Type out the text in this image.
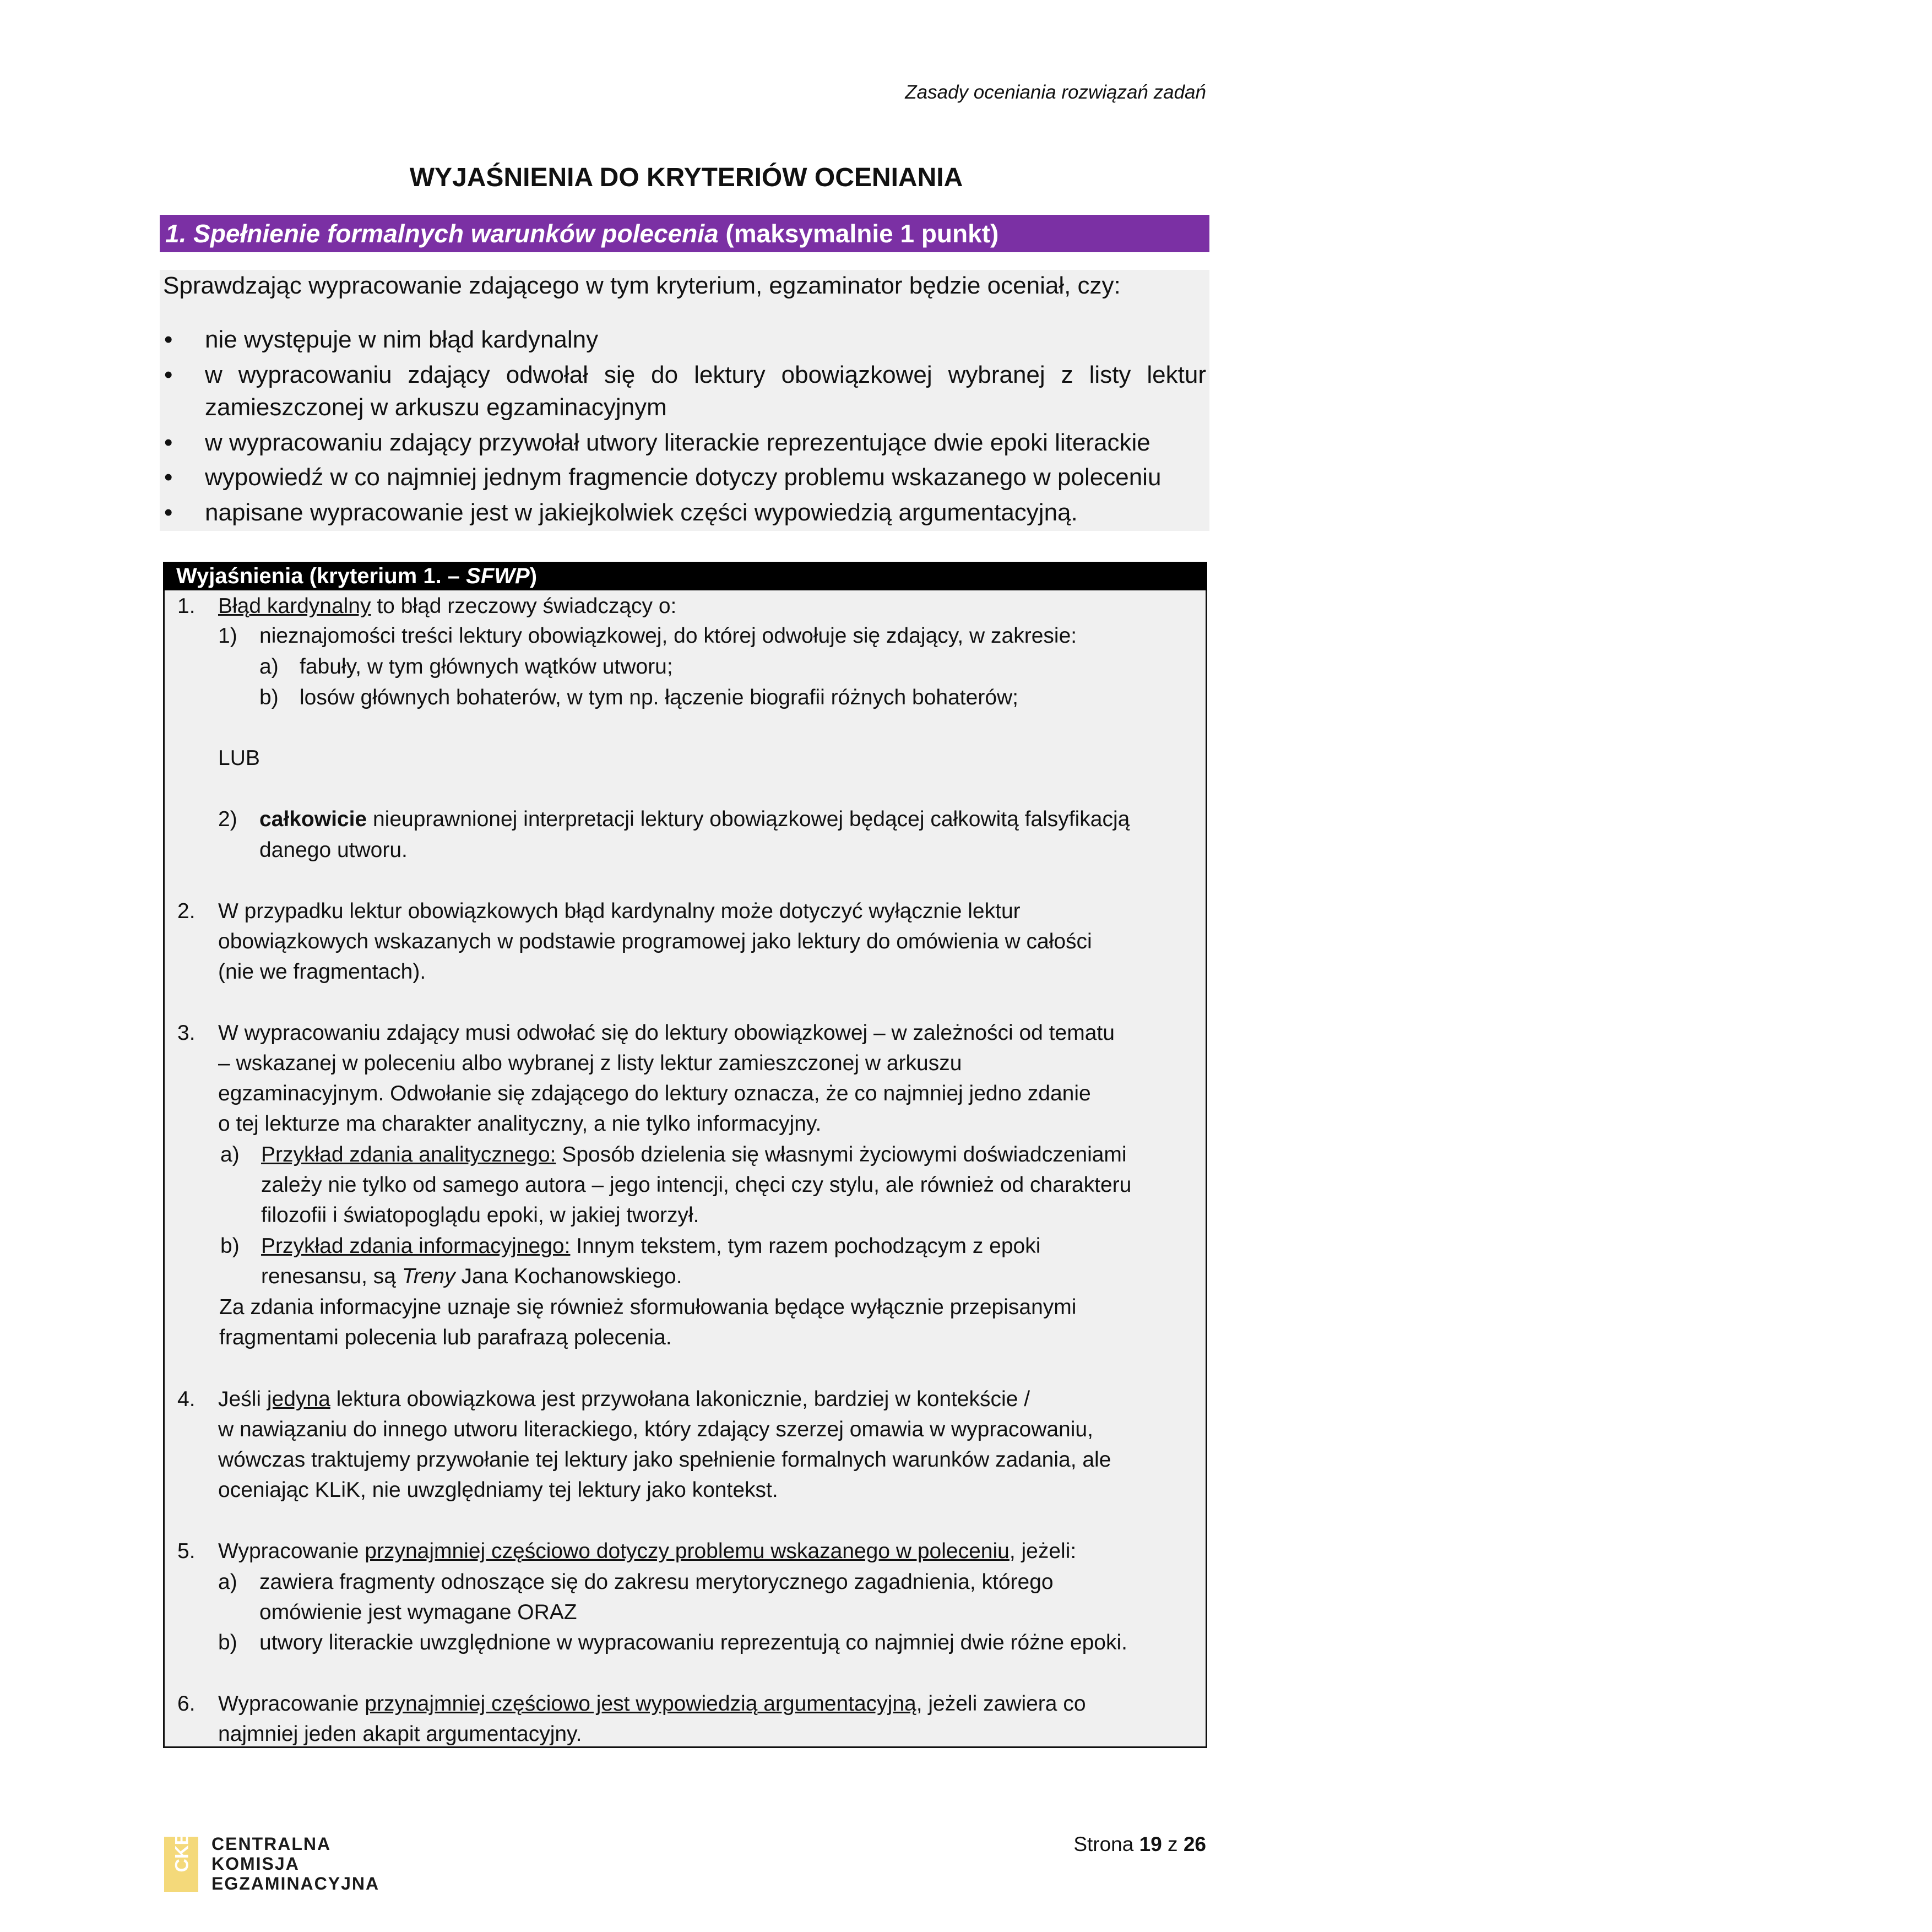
Zasady oceniania rozwiązań zadań
WYJAŚNIENIA DO KRYTERIÓW OCENIANIA
1. Spełnienie formalnych warunków polecenia (maksymalnie 1 punkt)
Sprawdzając wypracowanie zdającego w tym kryterium, egzaminator będzie oceniał, czy:
• nie występuje w nim błąd kardynalny
• w wypracowaniu zdający odwołał się do lektury obowiązkowej wybranej z listy lektur
zamieszczonej w arkuszu egzaminacyjnym
• w wypracowaniu zdający przywołał utwory literackie reprezentujące dwie epoki literackie
• wypowiedź w co najmniej jednym fragmencie dotyczy problemu wskazanego w poleceniu
• napisane wypracowanie jest w jakiejkolwiek części wypowiedzią argumentacyjną.
Wyjaśnienia (kryterium 1. – SFWP)
1. Błąd kardynalny to błąd rzeczowy świadczący o:
1) nieznajomości treści lektury obowiązkowej, do której odwołuje się zdający, w zakresie:
a) fabuły, w tym głównych wątków utworu;
b) losów głównych bohaterów, w tym np. łączenie biografii różnych bohaterów;
LUB
2) całkowicie nieuprawnionej interpretacji lektury obowiązkowej będącej całkowitą falsyfikacją
danego utworu.
2. W przypadku lektur obowiązkowych błąd kardynalny może dotyczyć wyłącznie lektur
obowiązkowych wskazanych w podstawie programowej jako lektury do omówienia w całości
(nie we fragmentach).
3. W wypracowaniu zdający musi odwołać się do lektury obowiązkowej – w zależności od tematu
– wskazanej w poleceniu albo wybranej z listy lektur zamieszczonej w arkuszu
egzaminacyjnym. Odwołanie się zdającego do lektury oznacza, że co najmniej jedno zdanie
o tej lekturze ma charakter analityczny, a nie tylko informacyjny.
a) Przykład zdania analitycznego: Sposób dzielenia się własnymi życiowymi doświadczeniami
zależy nie tylko od samego autora – jego intencji, chęci czy stylu, ale również od charakteru
filozofii i światopoglądu epoki, w jakiej tworzył.
b) Przykład zdania informacyjnego: Innym tekstem, tym razem pochodzącym z epoki
renesansu, są Treny Jana Kochanowskiego.
Za zdania informacyjne uznaje się również sformułowania będące wyłącznie przepisanymi
fragmentami polecenia lub parafrazą polecenia.
4. Jeśli jedyna lektura obowiązkowa jest przywołana lakonicznie, bardziej w kontekście /
w nawiązaniu do innego utworu literackiego, który zdający szerzej omawia w wypracowaniu,
wówczas traktujemy przywołanie tej lektury jako spełnienie formalnych warunków zadania, ale
oceniając KLiK, nie uwzględniamy tej lektury jako kontekst.
5. Wypracowanie przynajmniej częściowo dotyczy problemu wskazanego w poleceniu, jeżeli:
a) zawiera fragmenty odnoszące się do zakresu merytorycznego zagadnienia, którego
omówienie jest wymagane ORAZ
b) utwory literackie uwzględnione w wypracowaniu reprezentują co najmniej dwie różne epoki.
6. Wypracowanie przynajmniej częściowo jest wypowiedzią argumentacyjną, jeżeli zawiera co
najmniej jeden akapit argumentacyjny.
CKE CENTRALNA
KOMISJA
EGZAMINACYJNA
Strona 19 z 26
